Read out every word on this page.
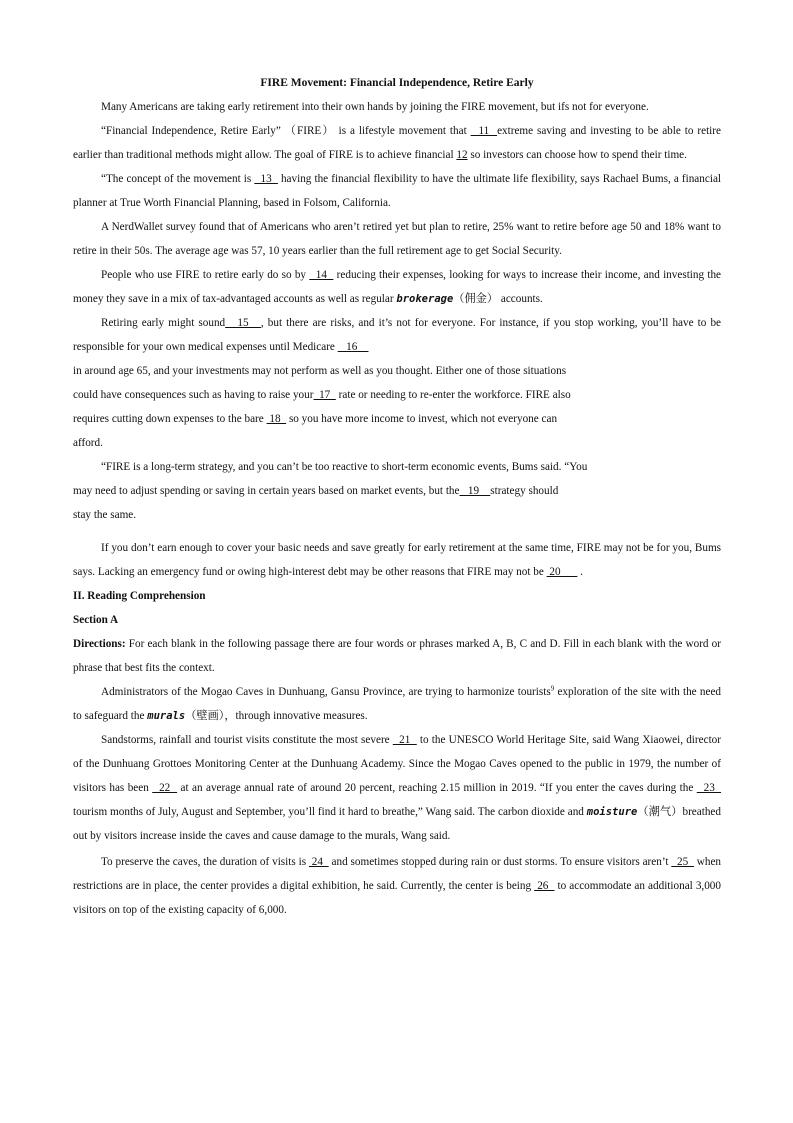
FIRE Movement: Financial Independence, Retire Early

Many Americans are taking early retirement into their own hands by joining the FIRE movement, but ifs not for everyone.

“Financial Independence, Retire Early” （FIRE） is a lifestyle movement that   11  extreme saving and investing to be able to retire earlier than traditional methods might allow. The goal of FIRE is to achieve financial 12 so investors can choose how to spend their time.

“The concept of the movement is   13   having the financial flexibility to have the ultimate life flexibility, says Rachael Bums, a financial planner at True Worth Financial Planning, based in Folsom, California.

A NerdWallet survey found that of Americans who aren’t retired yet but plan to retire, 25% want to retire before age 50 and 18% want to retire in their 50s. The average age was 57, 10 years earlier than the full retirement age to get Social Security.

People who use FIRE to retire early do so by   14   reducing their expenses, looking for ways to increase their income, and investing the money they save in a mix of tax-advantaged accounts as well as regular brokerage（佣金） accounts.

Retiring early might sound   15   , but there are risks, and it’s not for everyone. For instance, if you stop working, you’ll have to be responsible for your own medical expenses until Medicare    16

in around age 65, and your investments may not perform as well as you thought. Either one of those situations

could have consequences such as having to raise your  17   rate or needing to re-enter the workforce. FIRE also

requires cutting down expenses to the bare  18   so you have more income to invest, which not everyone can

afford.

“FIRE is a long-term strategy, and you can’t be too reactive to short-term economic events, Bums said. “You

may need to adjust spending or saving in certain years based on market events, but the   19    strategy should

stay the same.

If you don’t earn enough to cover your basic needs and save greatly for early retirement at the same time, FIRE may not be for you, Bums says. Lacking an emergency fund or owing high-interest debt may be other reasons that FIRE may not be  20       .

II. Reading Comprehension

Section A

Directions: For each blank in the following passage there are four words or phrases marked A, B, C and D. Fill in each blank with the word or phrase that best fits the context.

Administrators of the Mogao Caves in Dunhuang, Gansu Province, are trying to harmonize tourists$^9$ exploration of the site with the need to safeguard the murals（壁画），through innovative measures.

Sandstorms, rainfall and tourist visits constitute the most severe   21   to the UNESCO World Heritage Site, said Wang Xiaowei, director of the Dunhuang Grottoes Monitoring Center at the Dunhuang Academy. Since the Mogao Caves opened to the public in 1979, the number of visitors has been   22   at an average annual rate of around 20 percent, reaching 2.15 million in 2019. “If you enter the caves during the   23   tourism months of July, August and September, you’ll find it hard to breathe,” Wang said. The carbon dioxide and moisture（潮气）breathed out by visitors increase inside the caves and cause damage to the murals, Wang said.

To preserve the caves, the duration of visits is  24   and sometimes stopped during rain or dust storms. To ensure visitors aren’t   25   when restrictions are in place, the center provides a digital exhibition, he said. Currently, the center is being  26   to accommodate an additional 3,000 visitors on top of the existing capacity of 6,000.
